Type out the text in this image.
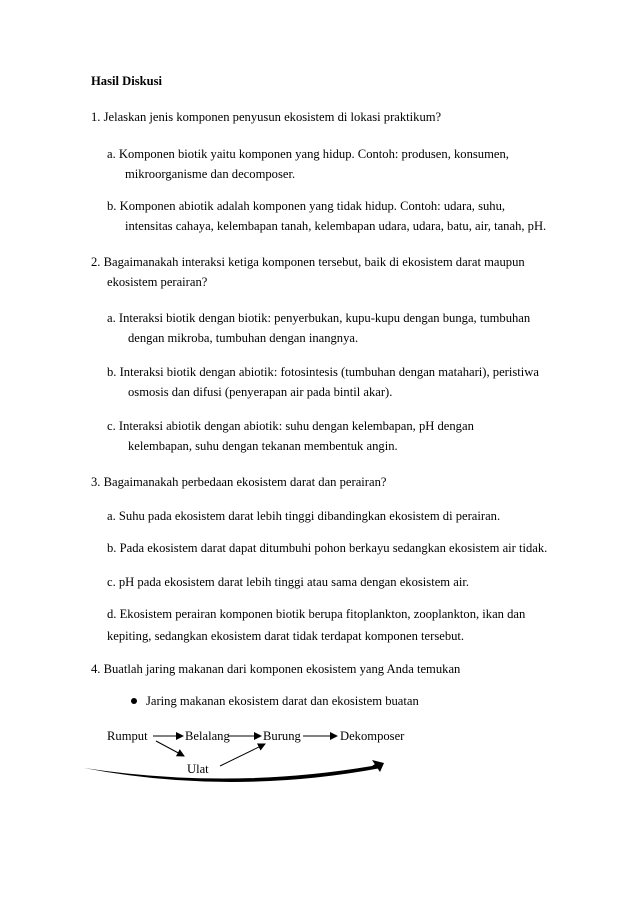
Hasil Diskusi
1. Jelaskan jenis komponen penyusun ekosistem di lokasi praktikum?
a. Komponen biotik yaitu komponen yang hidup. Contoh: produsen, konsumen,
mikroorganisme dan decomposer.
b. Komponen abiotik adalah komponen yang tidak hidup. Contoh: udara, suhu,
intensitas cahaya, kelembapan tanah, kelembapan udara, udara, batu, air, tanah, pH.
2. Bagaimanakah interaksi ketiga komponen tersebut, baik di ekosistem darat maupun
ekosistem perairan?
a. Interaksi biotik dengan biotik: penyerbukan, kupu-kupu dengan bunga, tumbuhan
dengan mikroba, tumbuhan dengan inangnya.
b. Interaksi biotik dengan abiotik: fotosintesis (tumbuhan dengan matahari), peristiwa
osmosis dan difusi (penyerapan air pada bintil akar).
c. Interaksi abiotik dengan abiotik: suhu dengan kelembapan, pH dengan
kelembapan, suhu dengan tekanan membentuk angin.
3. Bagaimanakah perbedaan ekosistem darat dan perairan?
a. Suhu pada ekosistem darat lebih tinggi dibandingkan ekosistem di perairan.
b. Pada ekosistem darat dapat ditumbuhi pohon berkayu sedangkan ekosistem air tidak.
c. pH pada ekosistem darat lebih tinggi atau sama dengan ekosistem air.
d. Ekosistem perairan komponen biotik berupa fitoplankton, zooplankton, ikan dan
kepiting, sedangkan ekosistem darat tidak terdapat komponen tersebut.
4. Buatlah jaring makanan dari komponen ekosistem yang Anda temukan
Jaring makanan ekosistem darat dan ekosistem buatan
Rumput	Belalang	Burung	Dekomposer
Ulat
